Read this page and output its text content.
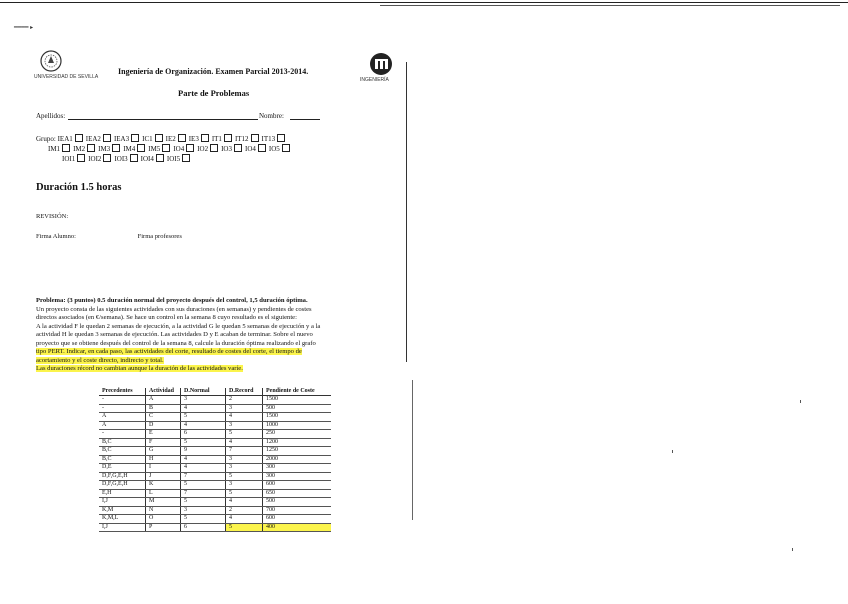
━━━━ ▸
UNIVERSIDAD DE SEVILLA	INGENIERÍA
Ingeniería de Organización. Examen Parcial 2013-2014.
Parte de Problemas
Apellidos:	Nombre:
Grupo: IEA1 IEA2 IEA3 IC1 IE2 IE3 IT1 IT12 IT13
IM1 IM2 IM3 IM4 IM5 IO4 IO2 IO3 IO4 IO5
IOI1 IOI2 IOI3 IOI4 IOI5
Duración 1.5 horas
REVISIÓN:
Firma Alumno:	Firma profesores

Problema: (3 puntos) 0.5 duración normal del proyecto después del control, 1,5 duración óptima.

Un proyecto consta de las siguientes actividades con sus duraciones (en semanas) y pendientes de costes

directos asociados (en €/semana). Se hace un control en la semana 8 cuyo resultado es el siguiente:

A la actividad F le quedan 2 semanas de ejecución, a la actividad G le quedan 5 semanas de ejecución y a la

actividad H le quedan 3 semanas de ejecución. Las actividades D y E acaban de terminar. Sobre el nuevo

proyecto que se obtiene después del control de la semana 8, calcule la duración óptima realizando el grafo

tipo PERT. Indicar, en cada paso, las actividades del corte, resultado de costes del corte, el tiempo de

acortamiento y el coste directo, indirecto y total.

Las duraciones récord no cambian aunque la duración de las actividades varíe.

Precedentes	Actividad	D.Normal	D.Record	Pendiente de Coste
-	A	3	2	1500
-	B	4	3	500
A	C	5	4	1500
A	D	4	3	1000
-	E	6	5	250
B,C	F	5	4	1200
B,C	G	9	7	1250
B,C	H	4	3	2000
D,E	I	4	3	300
D,F,G,E,H	J	7	5	300
D,F,G,E,H	K	5	3	600
E,H	L	7	5	650
I,J	M	5	4	500
K,M	N	3	2	700
K,M,L	O	5	4	600
I,J	P	6	5	400
